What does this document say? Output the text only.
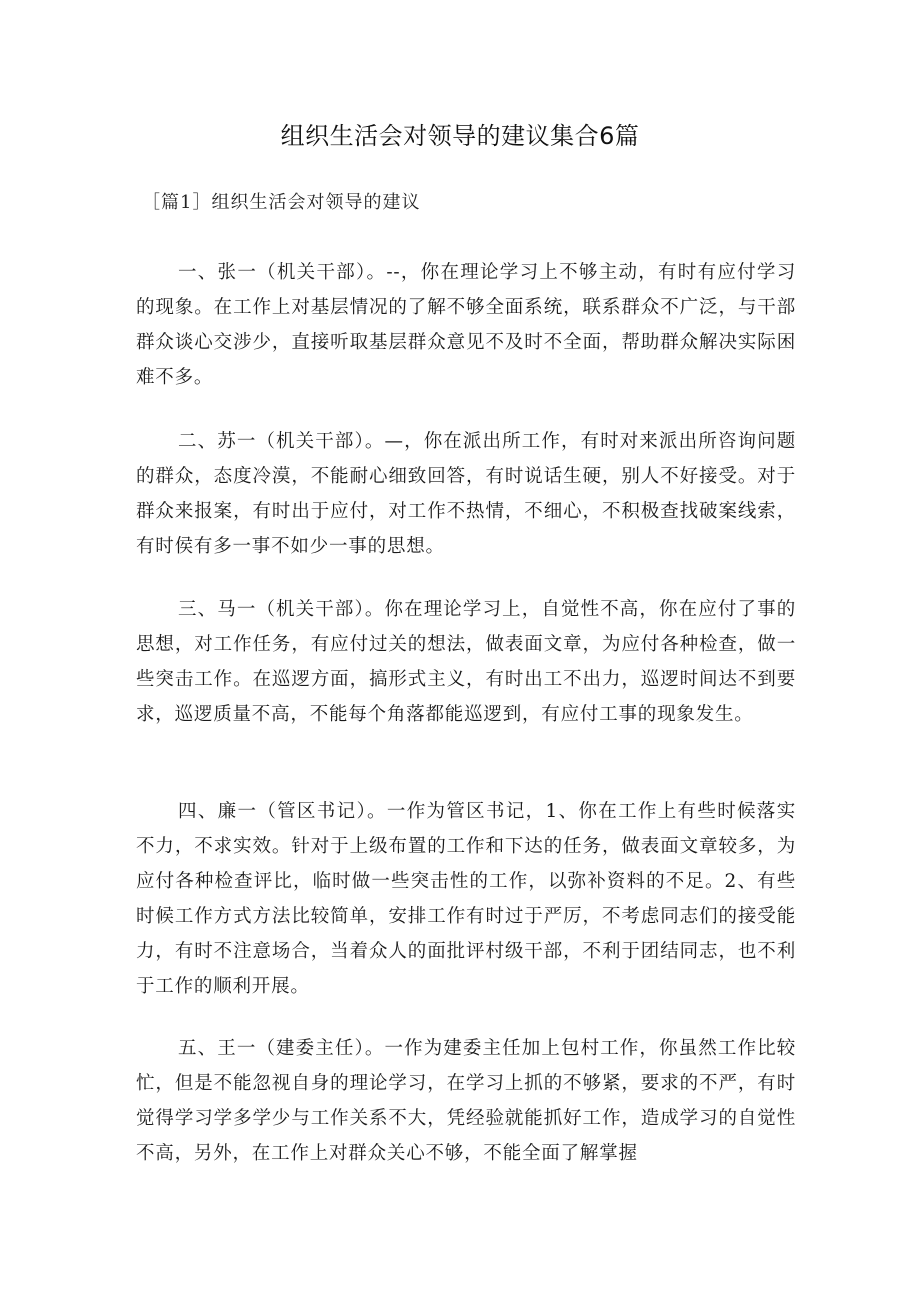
组织生活会对领导的建议集合6篇
［篇1］组织生活会对领导的建议

一、张一（机关干部）。--，你在理论学习上不够主动，有时有应付学习的现象。在工作上对基层情况的了解不够全面系统，联系群众不广泛，与干部群众谈心交涉少，直接听取基层群众意见不及时不全面，帮助群众解决实际困难不多。

二、苏一（机关干部）。—，你在派出所工作，有时对来派出所咨询问题的群众，态度冷漠，不能耐心细致回答，有时说话生硬，别人不好接受。对于群众来报案，有时出于应付，对工作不热情，不细心，不积极查找破案线索，有时侯有多一事不如少一事的思想。

三、马一（机关干部）。你在理论学习上，自觉性不高，你在应付了事的思想，对工作任务，有应付过关的想法，做表面文章，为应付各种检查，做一些突击工作。在巡逻方面，搞形式主义，有时出工不出力，巡逻时间达不到要求，巡逻质量不高，不能每个角落都能巡逻到，有应付工事的现象发生。

四、廉一（管区书记）。一作为管区书记，1、你在工作上有些时候落实不力，不求实效。针对于上级布置的工作和下达的任务，做表面文章较多，为应付各种检查评比，临时做一些突击性的工作，以弥补资料的不足。2、有些时候工作方式方法比较简单，安排工作有时过于严厉，不考虑同志们的接受能力，有时不注意场合，当着众人的面批评村级干部，不利于团结同志，也不利于工作的顺利开展。

五、王一（建委主任）。一作为建委主任加上包村工作，你虽然工作比较忙，但是不能忽视自身的理论学习，在学习上抓的不够紧，要求的不严，有时觉得学习学多学少与工作关系不大，凭经验就能抓好工作，造成学习的自觉性不高，另外，在工作上对群众关心不够，不能全面了解掌握
